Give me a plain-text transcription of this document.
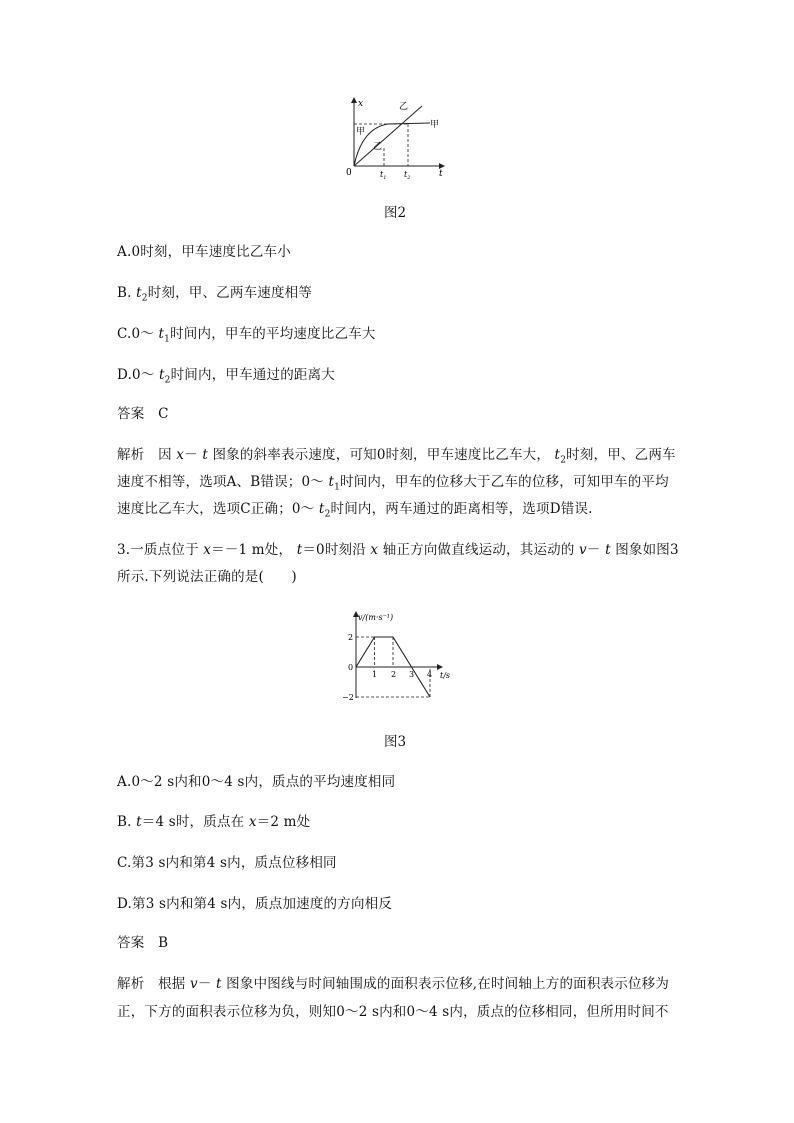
x
t
0
甲
甲
乙
乙
$t_1$ $t_2$
图2
A.0时刻，甲车速度比乙车小
B. $t_2$时刻，甲、乙两车速度相等
C.0～ $t_1$时间内，甲车的平均速度比乙车大
D.0～ $t_2$时间内，甲车通过的距离大
答案　C
解析　因 x－ t 图象的斜率表示速度，可知0时刻，甲车速度比乙车大， $t_2$时刻，甲、乙两车
速度不相等，选项A、B错误；0～ $t_1$时间内，甲车的位移大于乙车的位移，可知甲车的平均
速度比乙车大，选项C正确；0～ $t_2$时间内，两车通过的距离相等，选项D错误.
3.一质点位于 x＝－1 m处， t＝0时刻沿 x 轴正方向做直线运动，其运动的 v－ t 图象如图3
所示.下列说法正确的是(　　)
v/(m·s⁻¹)
t/s
2
0
−2
1 2 3 4
图3
A.0～2 s内和0～4 s内，质点的平均速度相同
B. t＝4 s时，质点在 x＝2 m处
C.第3 s内和第4 s内，质点位移相同
D.第3 s内和第4 s内，质点加速度的方向相反
答案　B
解析　根据 v－ t 图象中图线与时间轴围成的面积表示位移,在时间轴上方的面积表示位移为
正，下方的面积表示位移为负，则知0～2 s内和0～4 s内，质点的位移相同，但所用时间不
